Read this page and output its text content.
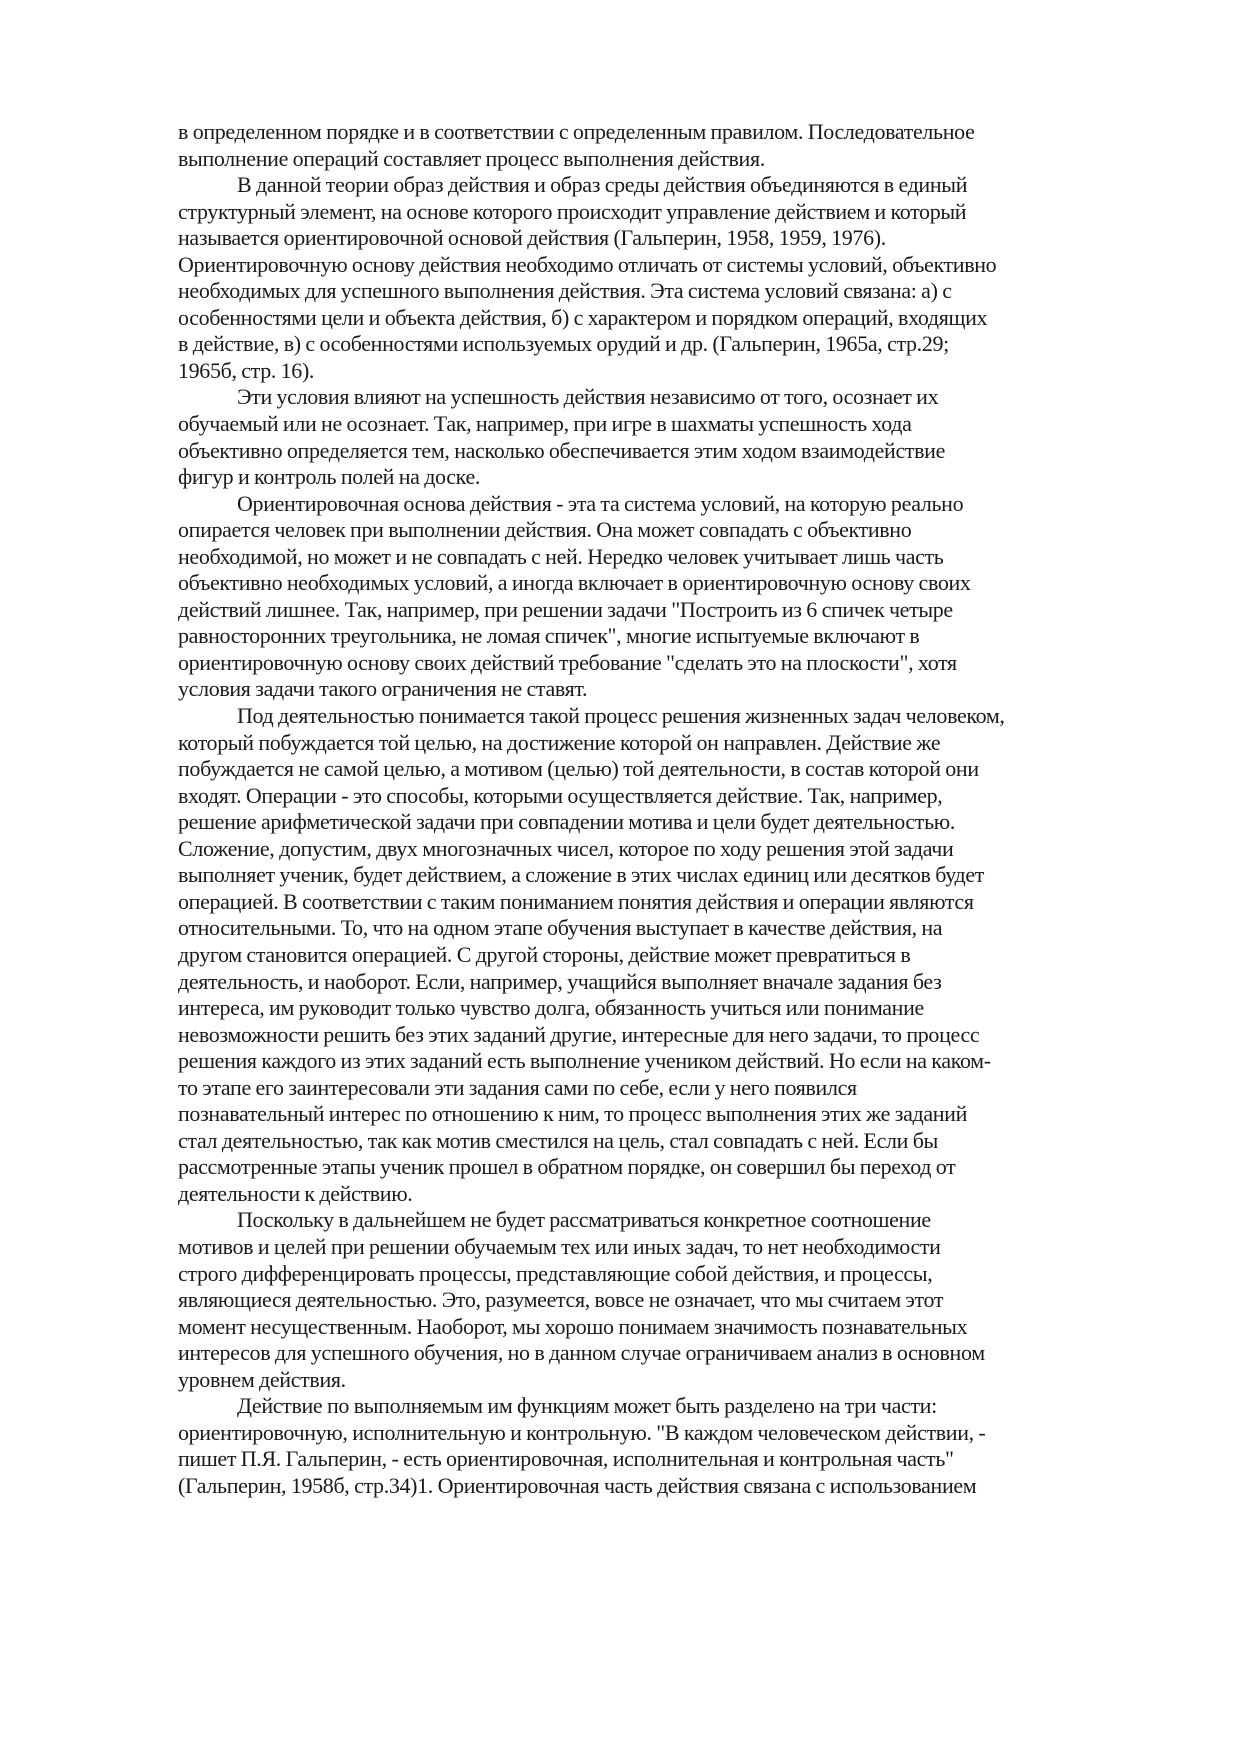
в определенном порядке и в соответствии с определенным правилом. Последовательное
выполнение операций составляет процесс выполнения действия.
В данной теории образ действия и образ среды действия объединяются в единый
структурный элемент, на основе которого происходит управление действием и который
называется ориентировочной основой действия (Гальперин, 1958, 1959, 1976).
Ориентировочную основу действия необходимо отличать от системы условий, объективно
необходимых для успешного выполнения действия. Эта система условий связана: а) с
особенностями цели и объекта действия, б) с характером и порядком операций, входящих
в действие, в) с особенностями используемых орудий и др. (Гальперин, 1965а, стр.29;
1965б, стр. 16).
Эти условия влияют на успешность действия независимо от того, осознает их
обучаемый или не осознает. Так, например, при игре в шахматы успешность хода
объективно определяется тем, насколько обеспечивается этим ходом взаимодействие
фигур и контроль полей на доске.
Ориентировочная основа действия - эта та система условий, на которую реально
опирается человек при выполнении действия. Она может совпадать с объективно
необходимой, но может и не совпадать с ней. Нередко человек учитывает лишь часть
объективно необходимых условий, а иногда включает в ориентировочную основу своих
действий лишнее. Так, например, при решении задачи "Построить из 6 спичек четыре
равносторонних треугольника, не ломая спичек", многие испытуемые включают в
ориентировочную основу своих действий требование "сделать это на плоскости", хотя
условия задачи такого ограничения не ставят.
Под деятельностью понимается такой процесс решения жизненных задач человеком,
который побуждается той целью, на достижение которой он направлен. Действие же
побуждается не самой целью, а мотивом (целью) той деятельности, в состав которой они
входят. Операции - это способы, которыми осуществляется действие. Так, например,
решение арифметической задачи при совпадении мотива и цели будет деятельностью.
Сложение, допустим, двух многозначных чисел, которое по ходу решения этой задачи
выполняет ученик, будет действием, а сложение в этих числах единиц или десятков будет
операцией. В соответствии с таким пониманием понятия действия и операции являются
относительными. То, что на одном этапе обучения выступает в качестве действия, на
другом становится операцией. С другой стороны, действие может превратиться в
деятельность, и наоборот. Если, например, учащийся выполняет вначале задания без
интереса, им руководит только чувство долга, обязанность учиться или понимание
невозможности решить без этих заданий другие, интересные для него задачи, то процесс
решения каждого из этих заданий есть выполнение учеником действий. Но если на каком-
то этапе его заинтересовали эти задания сами по себе, если у него появился
познавательный интерес по отношению к ним, то процесс выполнения этих же заданий
стал деятельностью, так как мотив сместился на цель, стал совпадать с ней. Если бы
рассмотренные этапы ученик прошел в обратном порядке, он совершил бы переход от
деятельности к действию.
Поскольку в дальнейшем не будет рассматриваться конкретное соотношение
мотивов и целей при решении обучаемым тех или иных задач, то нет необходимости
строго дифференцировать процессы, представляющие собой действия, и процессы,
являющиеся деятельностью. Это, разумеется, вовсе не означает, что мы считаем этот
момент несущественным. Наоборот, мы хорошо понимаем значимость познавательных
интересов для успешного обучения, но в данном случае ограничиваем анализ в основном
уровнем действия.
Действие по выполняемым им функциям может быть разделено на три части:
ориентировочную, исполнительную и контрольную. "В каждом человеческом действии, -
пишет П.Я. Гальперин, - есть ориентировочная, исполнительная и контрольная часть"
(Гальперин, 1958б, стр.34)1. Ориентировочная часть действия связана с использованием
